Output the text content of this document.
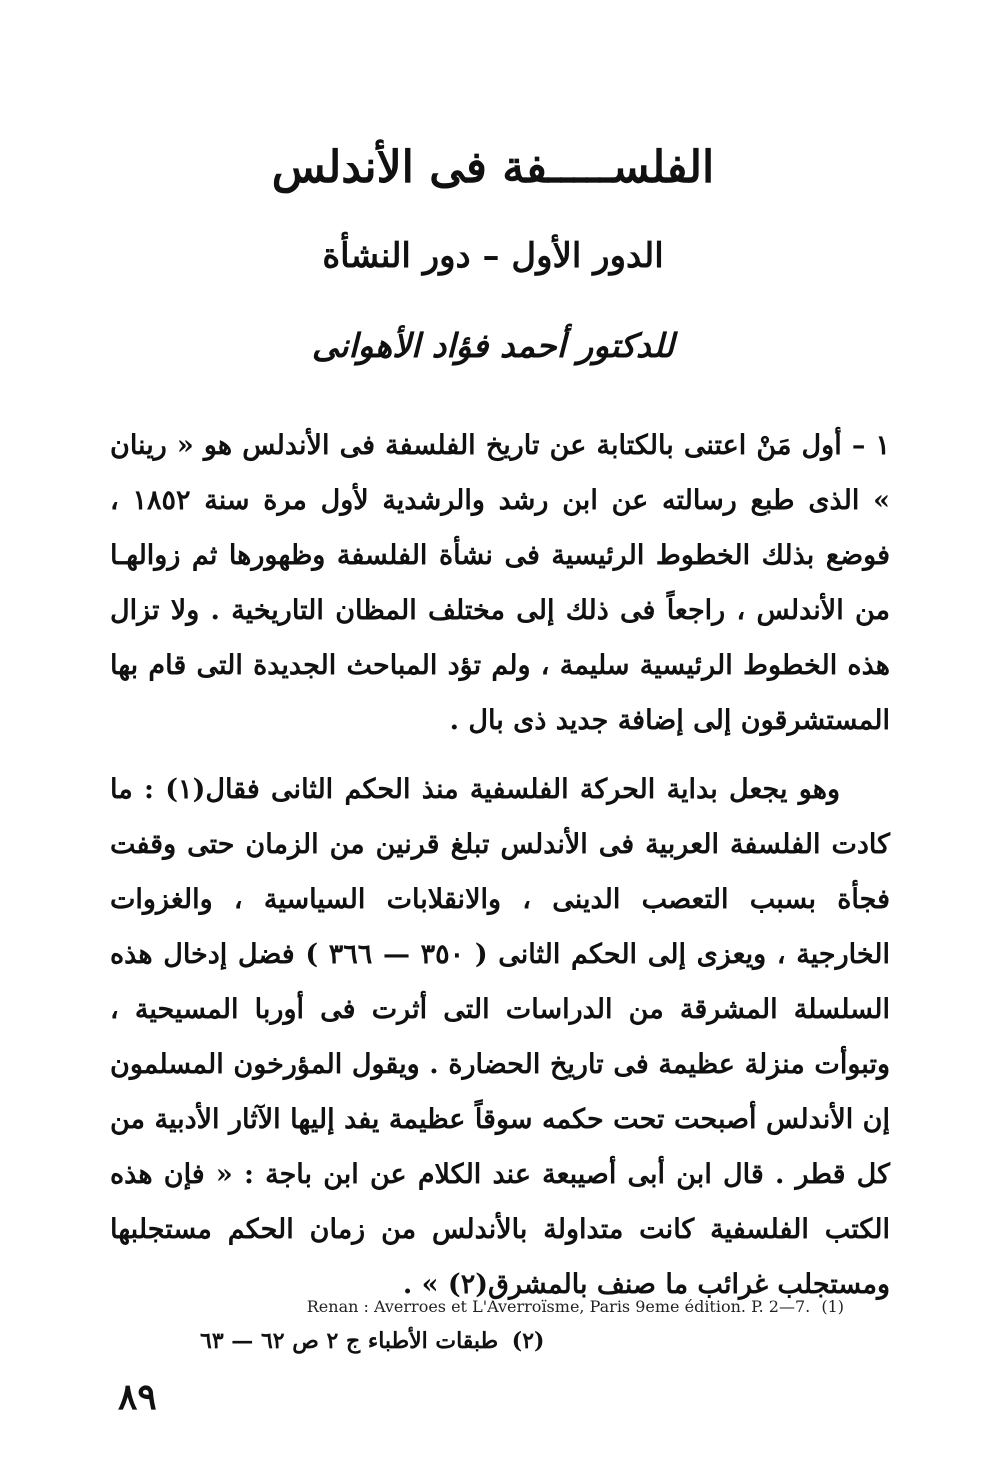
الفلســـــفة فى الأندلس
الدور الأول – دور النشأة
للدكتور أحمد فؤاد الأهوانى

١ – أول مَنْ اعتنى بالكتابة عن تاريخ الفلسفة فى الأندلس هو « رينان » الذى طبع رسالته عن ابن رشد والرشدية لأول مرة سنة ١٨٥٢ ، فوضع بذلك الخطوط الرئيسية فى نشأة الفلسفة وظهورها ثم زوالهـا من الأندلس ، راجعاً فى ذلك إلى مختلف المظان التاريخية . ولا تزال هذه الخطوط الرئيسية سليمة ، ولم تؤد المباحث الجديدة التى قام بها المستشرقون إلى إضافة جديد ذى بال .

وهو يجعل بداية الحركة الفلسفية منذ الحكم الثانى فقال(١) : ما كادت الفلسفة العربية فى الأندلس تبلغ قرنين من الزمان حتى وقفت فجأة بسبب التعصب الدينى ، والانقلابات السياسية ، والغزوات الخارجية ، ويعزى إلى الحكم الثانى ( ٣٥٠ — ٣٦٦ ) فضل إدخال هذه السلسلة المشرقة من الدراسات التى أثرت فى أوربا المسيحية ، وتبوأت منزلة عظيمة فى تاريخ الحضارة . ويقول المؤرخون المسلمون إن الأندلس أصبحت تحت حكمه سوقاً عظيمة يفد إليها الآثار الأدبية من كل قطر . قال ابن أبى أصيبعة عند الكلام عن ابن باجة : « فإن هذه الكتب الفلسفية كانت متداولة بالأندلس من زمان الحكم مستجلبها ومستجلب غرائب ما صنف بالمشرق(٢) » .

Renan : Averroes et L'Averroïsme, Paris 9eme édition. P. 2—7. (1)
(٢) طبقات الأطباء ج ٢ ص ٦٢ — ٦٣
٨٩
